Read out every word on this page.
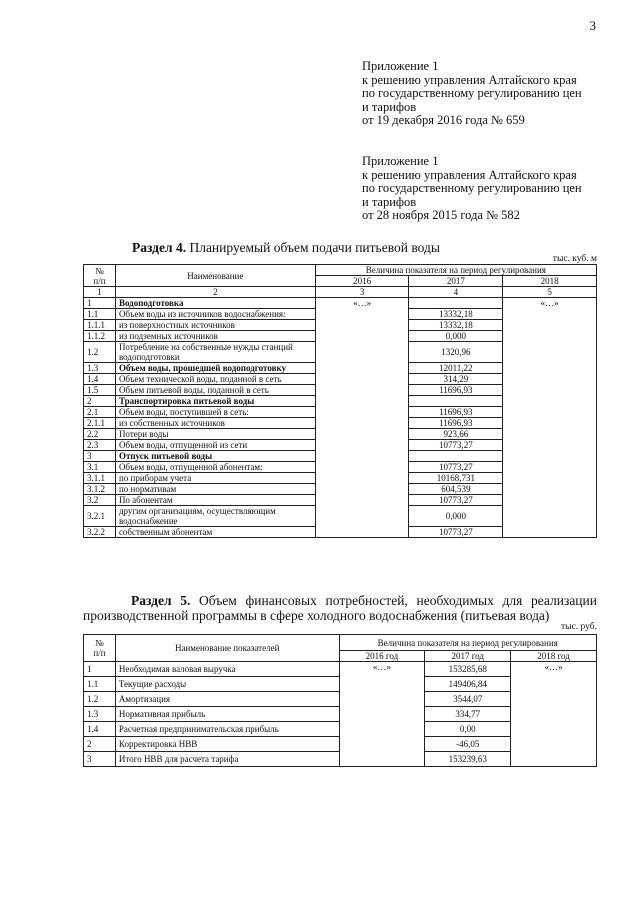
3
Приложение 1
к решению управления Алтайского края
по государственному регулированию цен
и тарифов
от 19 декабря 2016 года № 659
Приложение 1
к решению управления Алтайского края
по государственному регулированию цен
и тарифов
от 28 ноября 2015 года № 582
Раздел 4. Планируемый объем подачи питьевой воды
тыс. куб. м
№
п/п	Наименование	Величина показателя на период регулирования		
		2016	2017	2018
1	2	3	4	5
1	Водоподготовка	«…»		«…»
1.1	Объем воды из источников водоснабжения:		13332,18	
1.1.1	из поверхностных источников		13332,18	
1.1.2	из подземных источников		0,000	
1.2	Потребление на собственные нужды станций водоподготовки		1320,96	
1.3	Объем воды, прошедшей водоподготовку		12011,22	
1.4	Объем технической воды, поданной в сеть		314,29	
1.5	Объем питьевой воды, поданной в сеть		11696,93	
2	Транспортировка питьевой воды			
2.1	Объем воды, поступившей в сеть:		11696,93	
2.1.1	из собственных источников		11696,93	
2.2	Потери воды		923,66	
2.3	Объем воды, отпущенной из сети		10773,27	
3	Отпуск питьевой воды			
3.1	Объем воды, отпущенной абонентам:		10773,27	
3.1.1	по приборам учета		10168,731	
3.1.2	по нормативам		604,539	
3.2	По абонентам		10773,27	
3.2.1	другим организациям, осуществляющим водоснабжение		0,000	
3.2.2	собственным абонентам		10773,27	
Раздел 5. Объем финансовых потребностей, необходимых для реализации производственной программы в сфере холодного водоснабжения (питьевая вода)
тыс. руб.
№
п/п	Наименование показателей	Величина показателя на период регулирования		
		2016 год	2017 год	2018 год
1	Необходимая валовая выручка	«…»	153285,68	«…»
1.1	Текущие расходы		149406,84	
1.2	Амортизация		3544,07	
1.3	Нормативная прибыль		334,77	
1.4	Расчетная предпринимательская прибыль		0,00	
2	Корректировка НВВ		-46,05	
3	Итого НВВ для расчета тарифа		153239,63	
